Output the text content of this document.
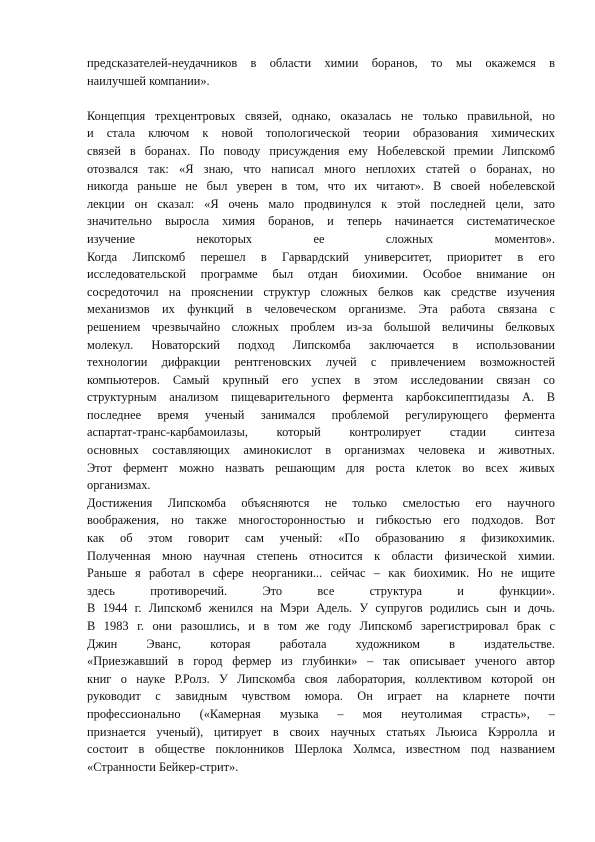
предсказателей-неудачников в области химии боранов, то мы окажемся в
наилучшей компании».
Концепция трехцентровых связей, однако, оказалась не только правильной, но
и стала ключом к новой топологической теории образования химических
связей в боранах. По поводу присуждения ему Нобелевской премии Липскомб
отозвался так: «Я знаю, что написал много неплохих статей о боранах, но
никогда раньше не был уверен в том, что их читают». В своей нобелевской
лекции он сказал: «Я очень мало продвинулся к этой последней цели, зато
значительно выросла химия боранов, и теперь начинается систематическое
изучение некоторых ее сложных моментов».
Когда Липскомб перешел в Гарвардский университет, приоритет в его
исследовательской программе был отдан биохимии. Особое внимание он
сосредоточил на прояснении структур сложных белков как средстве изучения
механизмов их функций в человеческом организме. Эта работа связана с
решением чрезвычайно сложных проблем из-за большой величины белковых
молекул. Новаторский подход Липскомба заключается в использовании
технологии дифракции рентгеновских лучей с привлечением возможностей
компьютеров. Самый крупный его успех в этом исследовании связан со
структурным анализом пищеварительного фермента карбоксипептидазы А. В
последнее время ученый занимался проблемой регулирующего фермента
аспартат-транс-карбамоилазы, который контролирует стадии синтеза
основных составляющих аминокислот в организмах человека и животных.
Этот фермент можно назвать решающим для роста клеток во всех живых
организмах.
Достижения Липскомба объясняются не только смелостью его научного
воображения, но также многосторонностью и гибкостью его подходов. Вот
как об этом говорит сам ученый: «По образованию я физикохимик.
Полученная мною научная степень относится к области физической химии.
Раньше я работал в сфере неорганики... сейчас – как биохимик. Но не ищите
здесь противоречий. Это все структура и функции».
В 1944 г. Липскомб женился на Мэри Адель. У супругов родились сын и дочь.
В 1983 г. они разошлись, и в том же году Липскомб зарегистрировал брак с
Джин Эванс, которая работала художником в издательстве.
«Приезжавший в город фермер из глубинки» – так описывает ученого автор
книг о науке Р.Ролз. У Липскомба своя лаборатория, коллективом которой он
руководит с завидным чувством юмора. Он играет на кларнете почти
профессионально («Камерная музыка – моя неутолимая страсть», –
признается ученый), цитирует в своих научных статьях Льюиса Кэрролла и
состоит в обществе поклонников Шерлока Холмса, известном под названием
«Странности Бейкер-стрит».
